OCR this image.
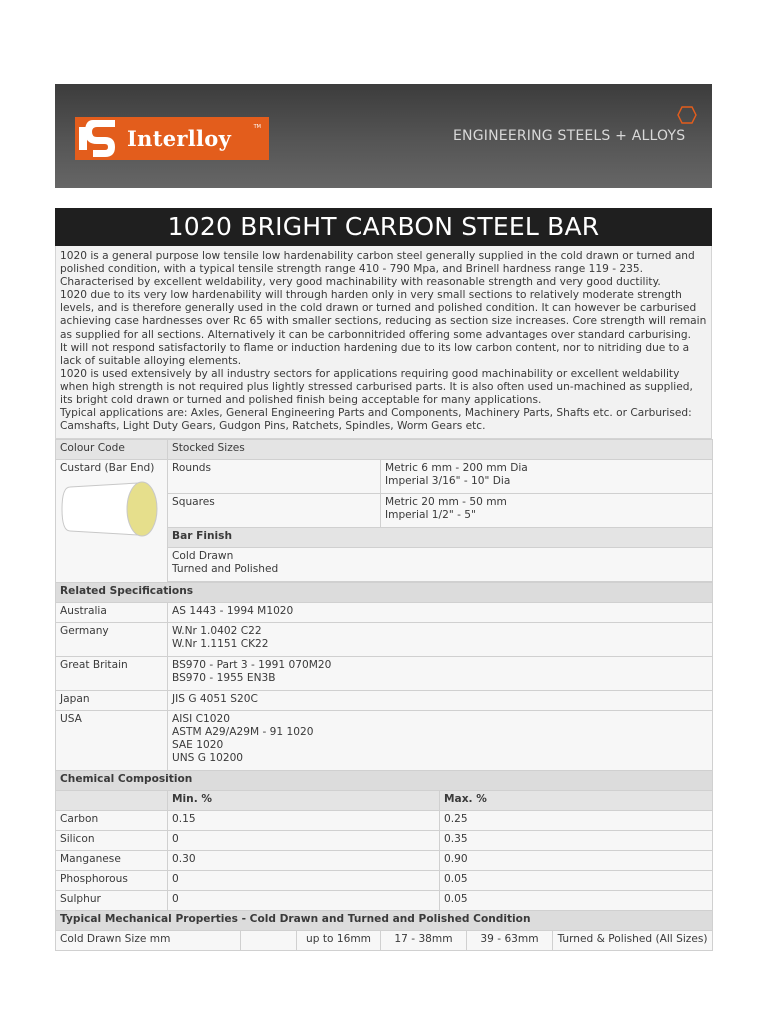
Interlloy	TM
ENGINEERING STEELS + ALLOYS
1020 BRIGHT CARBON STEEL BAR

1020 is a general purpose low tensile low hardenability carbon steel generally supplied in the cold drawn or turned and polished condition, with a typical tensile strength range 410 - 790 Mpa, and Brinell hardness range 119 - 235. Characterised by excellent weldability, very good machinability with reasonable strength and very good ductility.

1020 due to its very low hardenability will through harden only in very small sections to relatively moderate strength levels, and is therefore generally used in the cold drawn or turned and polished condition. It can however be carburised achieving case hardnesses over Rc 65 with smaller sections, reducing as section size increases. Core strength will remain as supplied for all sections. Alternatively it can be carbonnitrided offering some advantages over standard carburising.

It will not respond satisfactorily to flame or induction hardening due to its low carbon content, nor to nitriding due to a lack of suitable alloying elements.

1020 is used extensively by all industry sectors for applications requiring good machinability or excellent weldability when high strength is not required plus lightly stressed carburised parts. It is also often used un-machined as supplied, its bright cold drawn or turned and polished finish being acceptable for many applications.

Typical applications are: Axles, General Engineering Parts and Components, Machinery Parts, Shafts etc. or Carburised: Camshafts, Light Duty Gears, Gudgon Pins, Ratchets, Spindles, Worm Gears etc.

Colour Code	Stocked Sizes						

Custard (Bar End)	Rounds			Metric 6 mm - 200 mm Dia
Imperial 3/16" - 10" Dia			

	Squares			Metric 20 mm - 50 mm
Imperial 1/2" - 5"			

	Bar Finish						

	Cold Drawn
Turned and Polished						

Related Specifications							
Australia	AS 1443 - 1994 M1020						
Germany	W.Nr 1.0402 C22
W.Nr 1.1151 CK22						

Great Britain	BS970 - Part 3 - 1991 070M20
BS970 - 1955 EN3B						

Japan	JIS G 4051 S20C						
USA	AISI C1020
ASTM A29/A29M - 91 1020
SAE 1020
UNS G 10200						

Chemical Composition							
	Min. %				Max. %		
Carbon	0.15				0.25		
Silicon	0				0.35		
Manganese	0.30				0.90		
Phosphorous	0				0.05		
Sulphur	0				0.05		
Typical Mechanical Properties - Cold Drawn and Turned and Polished Condition							
Cold Drawn Size mm			up to 16mm	17 - 38mm		39 - 63mm	Turned & Polished (All Sizes)
